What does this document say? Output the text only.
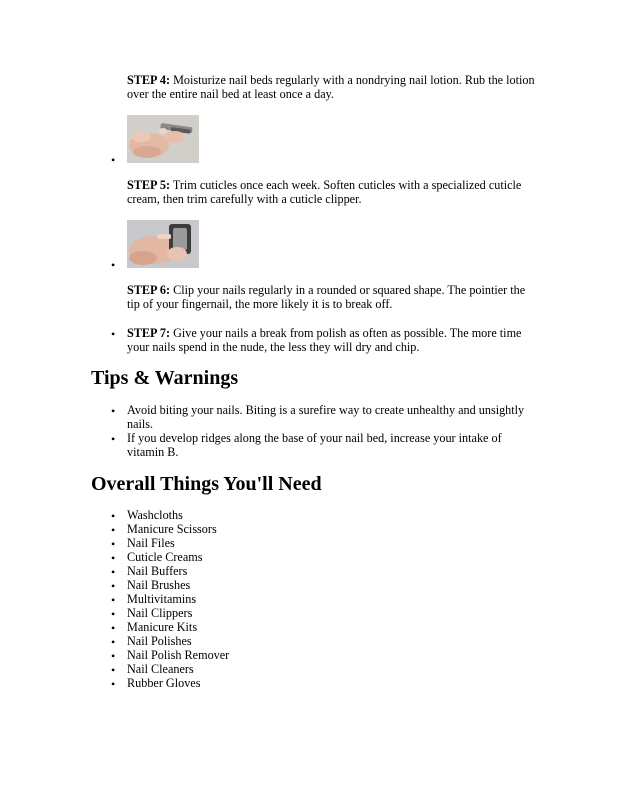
STEP 4: Moisturize nail beds regularly with a nondrying nail lotion. Rub the lotion over the entire nail bed at least once a day.
•
STEP 5: Trim cuticles once each week. Soften cuticles with a specialized cuticle cream, then trim carefully with a cuticle clipper.
•
STEP 6: Clip your nails regularly in a rounded or squared shape. The pointier the tip of your fingernail, the more likely it is to break off.
• STEP 7: Give your nails a break from polish as often as possible. The more time your nails spend in the nude, the less they will dry and chip.
Tips & Warnings
• Avoid biting your nails. Biting is a surefire way to create unhealthy and unsightly nails.
• If you develop ridges along the base of your nail bed, increase your intake of vitamin B.
Overall Things You'll Need
• Washcloths
• Manicure Scissors
• Nail Files
• Cuticle Creams
• Nail Buffers
• Nail Brushes
• Multivitamins
• Nail Clippers
• Manicure Kits
• Nail Polishes
• Nail Polish Remover
• Nail Cleaners
• Rubber Gloves
